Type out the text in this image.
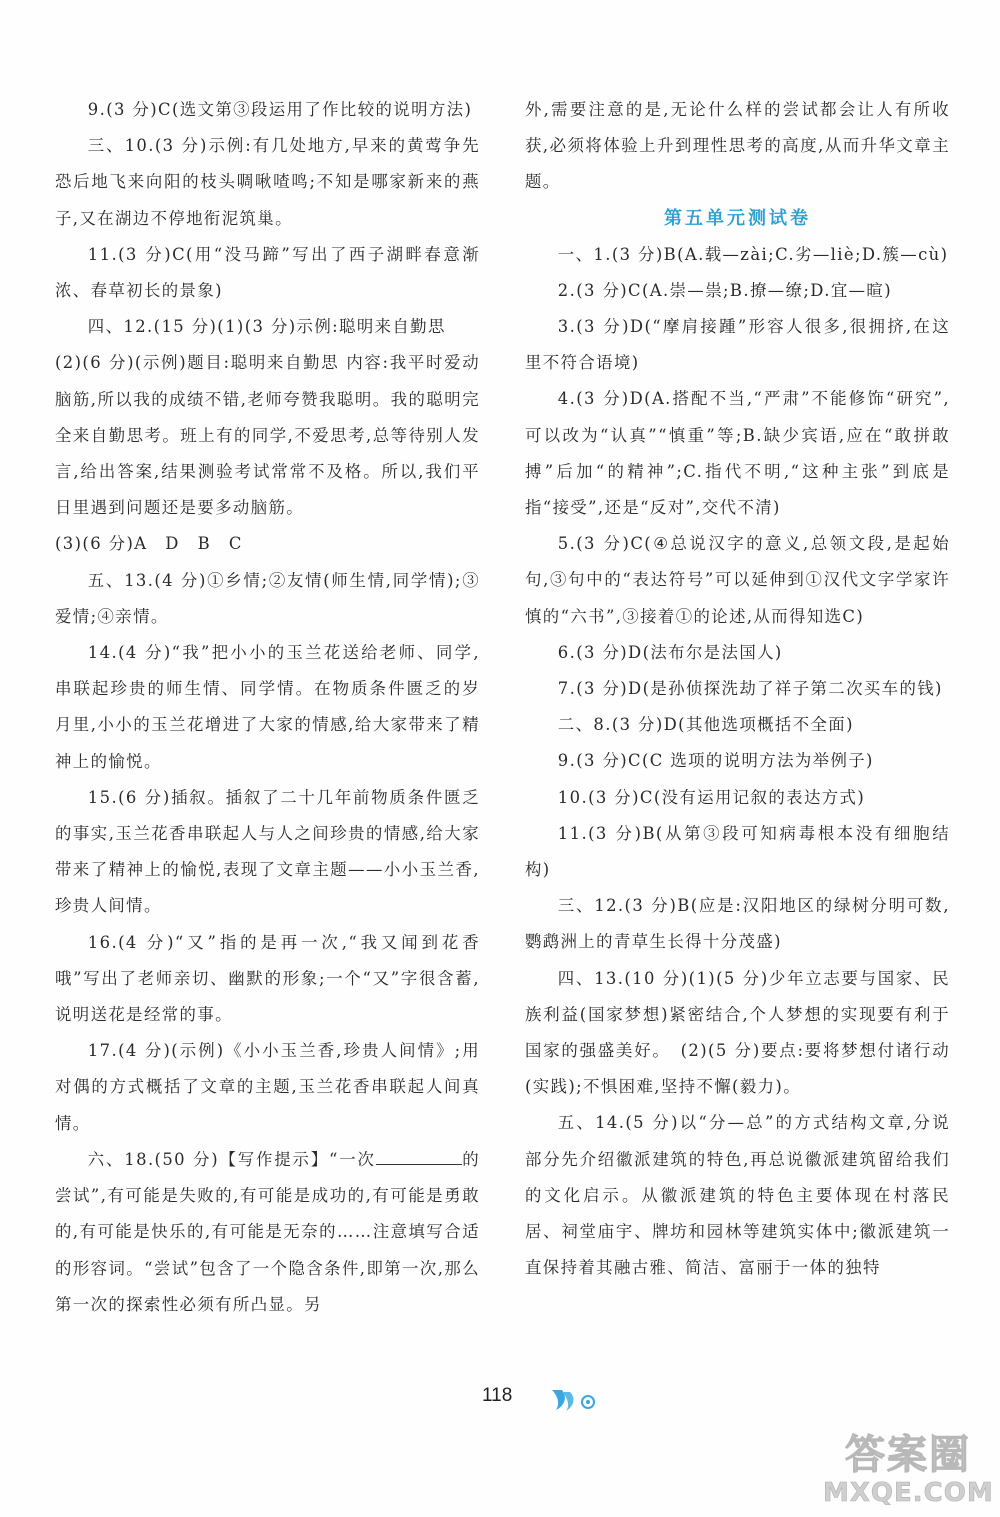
9.(3 分)C(选文第③段运用了作比较的说明方法)

三、10.(3 分)示例:有几处地方,早来的黄莺争先恐后地飞来向阳的枝头啁啾喳鸣;不知是哪家新来的燕子,又在湖边不停地衔泥筑巢。

11.(3 分)C(用“没马蹄”写出了西子湖畔春意渐浓、春草初长的景象)

四、12.(15 分)(1)(3 分)示例:聪明来自勤思

(2)(6 分)(示例)题目:聪明来自勤思 内容:我平时爱动脑筋,所以我的成绩不错,老师夸赞我聪明。我的聪明完全来自勤思考。班上有的同学,不爱思考,总等待别人发言,给出答案,结果测验考试常常不及格。所以,我们平日里遇到问题还是要多动脑筋。

(3)(6 分)A　D　B　C

五、13.(4 分)①乡情;②友情(师生情,同学情);③爱情;④亲情。

14.(4 分)“我”把小小的玉兰花送给老师、同学,串联起珍贵的师生情、同学情。在物质条件匮乏的岁月里,小小的玉兰花增进了大家的情感,给大家带来了精神上的愉悦。

15.(6 分)插叙。插叙了二十几年前物质条件匮乏的事实,玉兰花香串联起人与人之间珍贵的情感,给大家带来了精神上的愉悦,表现了文章主题——小小玉兰香,珍贵人间情。

16.(4 分)“又”指的是再一次,“我又闻到花香哦”写出了老师亲切、幽默的形象;一个“又”字很含蓄,说明送花是经常的事。

17.(4 分)(示例)《小小玉兰香,珍贵人间情》;用对偶的方式概括了文章的主题,玉兰花香串联起人间真情。

六、18.(50 分)【写作提示】“一次	的尝试”,有可能是失败的,有可能是成功的,有可能是勇敢的,有可能是快乐的,有可能是无奈的……注意填写合适的形容词。“尝试”包含了一个隐含条件,即第一次,那么第一次的探索性必须有所凸显。另

外,需要注意的是,无论什么样的尝试都会让人有所收获,必须将体验上升到理性思考的高度,从而升华文章主题。

第五单元测试卷

一、1.(3 分)B(A.载—zài;C.劣—liè;D.簇—cù)

2.(3 分)C(A.崇—祟;B.撩—缭;D.宜—暄)

3.(3 分)D(“摩肩接踵”形容人很多,很拥挤,在这里不符合语境)

4.(3 分)D(A.搭配不当,“严肃”不能修饰“研究”,可以改为“认真”“慎重”等;B.缺少宾语,应在“敢拼敢搏”后加“的精神”;C.指代不明,“这种主张”到底是指“接受”,还是“反对”,交代不清)

5.(3 分)C(④总说汉字的意义,总领文段,是起始句,③句中的“表达符号”可以延伸到①汉代文字学家许慎的“六书”,③接着①的论述,从而得知选C)

6.(3 分)D(法布尔是法国人)

7.(3 分)D(是孙侦探洗劫了祥子第二次买车的钱)

二、8.(3 分)D(其他选项概括不全面)

9.(3 分)C(C 选项的说明方法为举例子)

10.(3 分)C(没有运用记叙的表达方式)

11.(3 分)B(从第③段可知病毒根本没有细胞结构)

三、12.(3 分)B(应是:汉阳地区的绿树分明可数,鹦鹉洲上的青草生长得十分茂盛)

四、13.(10 分)(1)(5 分)少年立志要与国家、民族利益(国家梦想)紧密结合,个人梦想的实现要有利于国家的强盛美好。　(2)(5 分)要点:要将梦想付诸行动(实践);不惧困难,坚持不懈(毅力)。

五、14.(5 分)以“分—总”的方式结构文章,分说部分先介绍徽派建筑的特色,再总说徽派建筑留给我们的文化启示。从徽派建筑的特色主要体现在村落民居、祠堂庙宇、牌坊和园林等建筑实体中;徽派建筑一直保持着其融古雅、简洁、富丽于一体的独特

118
答案圈
MXQE.COM
